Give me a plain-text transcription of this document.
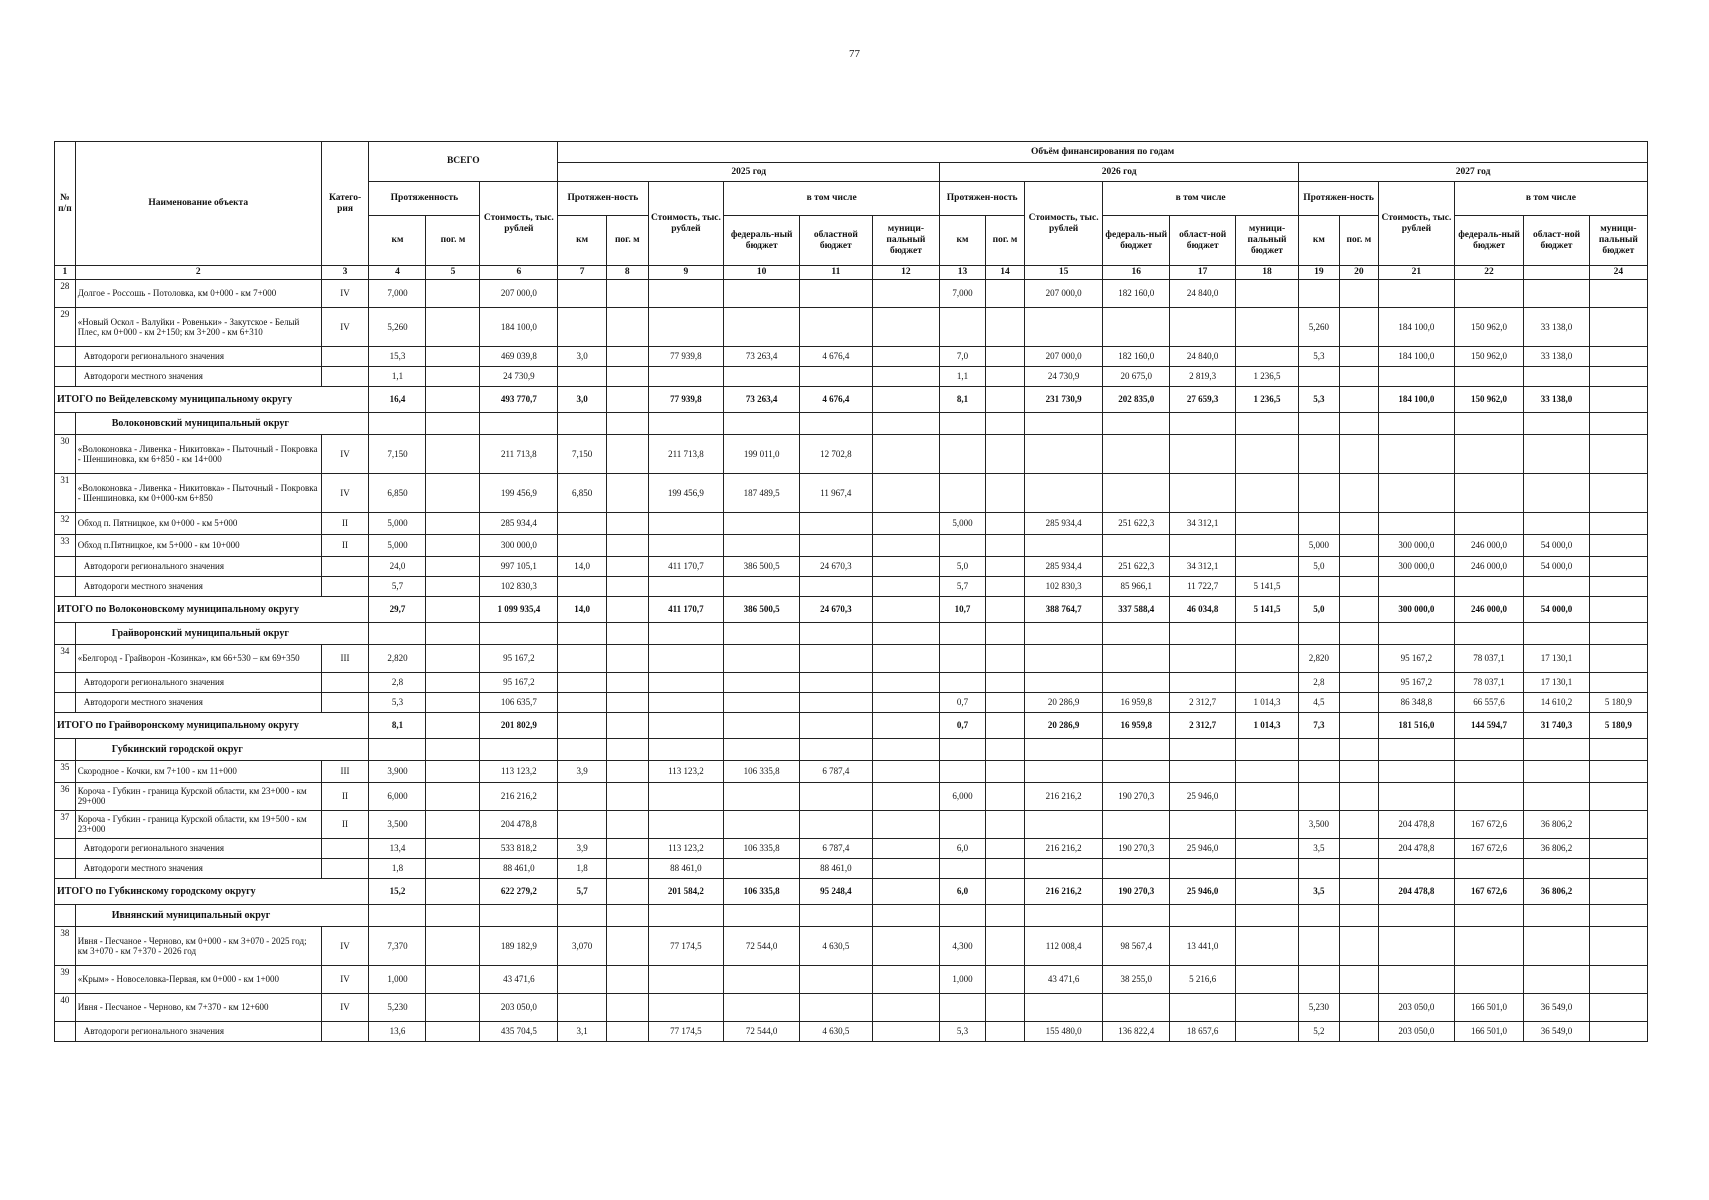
77
№ п/п	Наименование объекта	Катего-рия	ВСЕГО			Объём финансирования по годам																	
						2025 год						2026 год						2027 год					
			Протяженность		Стоимость, тыс. рублей	Протяжен-ность		Стоимость, тыс. рублей	в том числе			Протяжен-ность		Стоимость, тыс. рублей	в том числе			Протяжен-ность		Стоимость, тыс. рублей	в том числе		
			км	пог. м		км	пог. м		федераль-ный бюджет	областной бюджет	муници-пальный бюджет	км	пог. м		федераль-ный бюджет	област-ной бюджет	муници-пальный бюджет	км	пог. м		федераль-ный бюджет	област-ной бюджет	муници-пальный бюджет
1	2	3	4	5	6	7	8	9	10	11	12	13	14	15	16	17	18	19	20	21	22		24
28	Долгое - Россошь - Потоловка, км 0+000 - км 7+000	IV	7,000		207 000,0							7,000		207 000,0	182 160,0	24 840,0							
29	«Новый Оскол - Валуйки - Ровеньки» - Закутское - Белый Плес, км 0+000 - км 2+150; км 3+200 - км 6+310	IV	5,260		184 100,0													5,260		184 100,0	150 962,0	33 138,0	
	Автодороги регионального значения		15,3		469 039,8	3,0		77 939,8	73 263,4	4 676,4		7,0		207 000,0	182 160,0	24 840,0		5,3		184 100,0	150 962,0	33 138,0	
	Автодороги местного значения		1,1		24 730,9							1,1		24 730,9	20 675,0	2 819,3	1 236,5						
ИТОГО по Вейделевскому муниципальному округу			16,4		493 770,7	3,0		77 939,8	73 263,4	4 676,4		8,1		231 730,9	202 835,0	27 659,3	1 236,5	5,3		184 100,0	150 962,0	33 138,0	
	Волоконовский муниципальный округ																						
30	«Волоконовка - Ливенка - Никитовка» - Пыточный - Покровка - Шеншиновка, км 6+850 - км 14+000	IV	7,150		211 713,8	7,150		211 713,8	199 011,0	12 702,8													
31	«Волоконовка - Ливенка - Никитовка» - Пыточный - Покровка - Шеншиновка, км 0+000-км 6+850	IV	6,850		199 456,9	6,850		199 456,9	187 489,5	11 967,4													
32	Обход п. Пятницкое, км 0+000 - км 5+000	II	5,000		285 934,4							5,000		285 934,4	251 622,3	34 312,1							
33	Обход п.Пятницкое, км 5+000 - км 10+000	II	5,000		300 000,0													5,000		300 000,0	246 000,0	54 000,0	
	Автодороги регионального значения		24,0		997 105,1	14,0		411 170,7	386 500,5	24 670,3		5,0		285 934,4	251 622,3	34 312,1		5,0		300 000,0	246 000,0	54 000,0	
	Автодороги местного значения		5,7		102 830,3							5,7		102 830,3	85 966,1	11 722,7	5 141,5						
ИТОГО по Волоконовскому муниципальному округу			29,7		1 099 935,4	14,0		411 170,7	386 500,5	24 670,3		10,7		388 764,7	337 588,4	46 034,8	5 141,5	5,0		300 000,0	246 000,0	54 000,0	
	Грайворонский муниципальный округ																						
34	«Белгород - Грайворон -Козинка», км 66+530 – км 69+350	III	2,820		95 167,2													2,820		95 167,2	78 037,1	17 130,1	
	Автодороги регионального значения		2,8		95 167,2													2,8		95 167,2	78 037,1	17 130,1	
	Автодороги местного значения		5,3		106 635,7							0,7		20 286,9	16 959,8	2 312,7	1 014,3	4,5		86 348,8	66 557,6	14 610,2	5 180,9
ИТОГО по Грайворонскому муниципальному округу			8,1		201 802,9							0,7		20 286,9	16 959,8	2 312,7	1 014,3	7,3		181 516,0	144 594,7	31 740,3	5 180,9
	Губкинский городской округ																						
35	Скородное - Кочки, км 7+100 - км 11+000	III	3,900		113 123,2	3,9		113 123,2	106 335,8	6 787,4													
36	Короча - Губкин - граница Курской области, км 23+000 - км 29+000	II	6,000		216 216,2							6,000		216 216,2	190 270,3	25 946,0							
37	Короча - Губкин - граница Курской области, км 19+500 - км 23+000	II	3,500		204 478,8													3,500		204 478,8	167 672,6	36 806,2	
	Автодороги регионального значения		13,4		533 818,2	3,9		113 123,2	106 335,8	6 787,4		6,0		216 216,2	190 270,3	25 946,0		3,5		204 478,8	167 672,6	36 806,2	
	Автодороги местного значения		1,8		88 461,0	1,8		88 461,0		88 461,0													
ИТОГО по Губкинскому городскому округу			15,2		622 279,2	5,7		201 584,2	106 335,8	95 248,4		6,0		216 216,2	190 270,3	25 946,0		3,5		204 478,8	167 672,6	36 806,2	
	Ивнянский муниципальный округ																						
38	Ивня - Песчаное - Черново, км 0+000 - км 3+070 - 2025 год; км 3+070 - км 7+370 - 2026 год	IV	7,370		189 182,9	3,070		77 174,5	72 544,0	4 630,5		4,300		112 008,4	98 567,4	13 441,0							
39	«Крым» - Новоселовка-Первая, км 0+000 - км 1+000	IV	1,000		43 471,6							1,000		43 471,6	38 255,0	5 216,6							
40	Ивня - Песчаное - Черново, км 7+370 - км 12+600	IV	5,230		203 050,0													5,230		203 050,0	166 501,0	36 549,0	
	Автодороги регионального значения		13,6		435 704,5	3,1		77 174,5	72 544,0	4 630,5		5,3		155 480,0	136 822,4	18 657,6		5,2		203 050,0	166 501,0	36 549,0	
